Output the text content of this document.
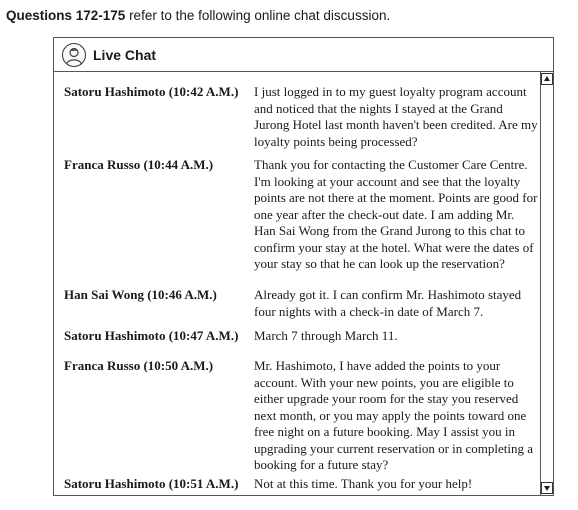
Questions 172-175 refer to the following online chat discussion.
Live Chat
Satoru Hashimoto (10:42 A.M.) I just logged in to my guest loyalty program account and noticed that the nights I stayed at the Grand Jurong Hotel last month haven't been credited. Are my loyalty points being processed?
Franca Russo (10:44 A.M.)	Thank you for contacting the Customer Care Centre. I'm looking at your account and see that the loyalty points are not there at the moment. Points are good for one year after the check-out date. I am adding Mr. Han Sai Wong from the Grand Jurong to this chat to confirm your stay at the hotel. What were the dates of your stay so that he can look up the reservation?
Han Sai Wong (10:46 A.M.)	Already got it. I can confirm Mr. Hashimoto stayed four nights with a check-in date of March 7.
Satoru Hashimoto (10:47 A.M.) March 7 through March 11.
Franca Russo (10:50 A.M.)	Mr. Hashimoto, I have added the points to your account. With your new points, you are eligible to either upgrade your room for the stay you reserved next month, or you may apply the points toward one free night on a future booking. May I assist you in upgrading your current reservation or in completing a booking for a future stay?
Satoru Hashimoto (10:51 A.M.) Not at this time. Thank you for your help!
